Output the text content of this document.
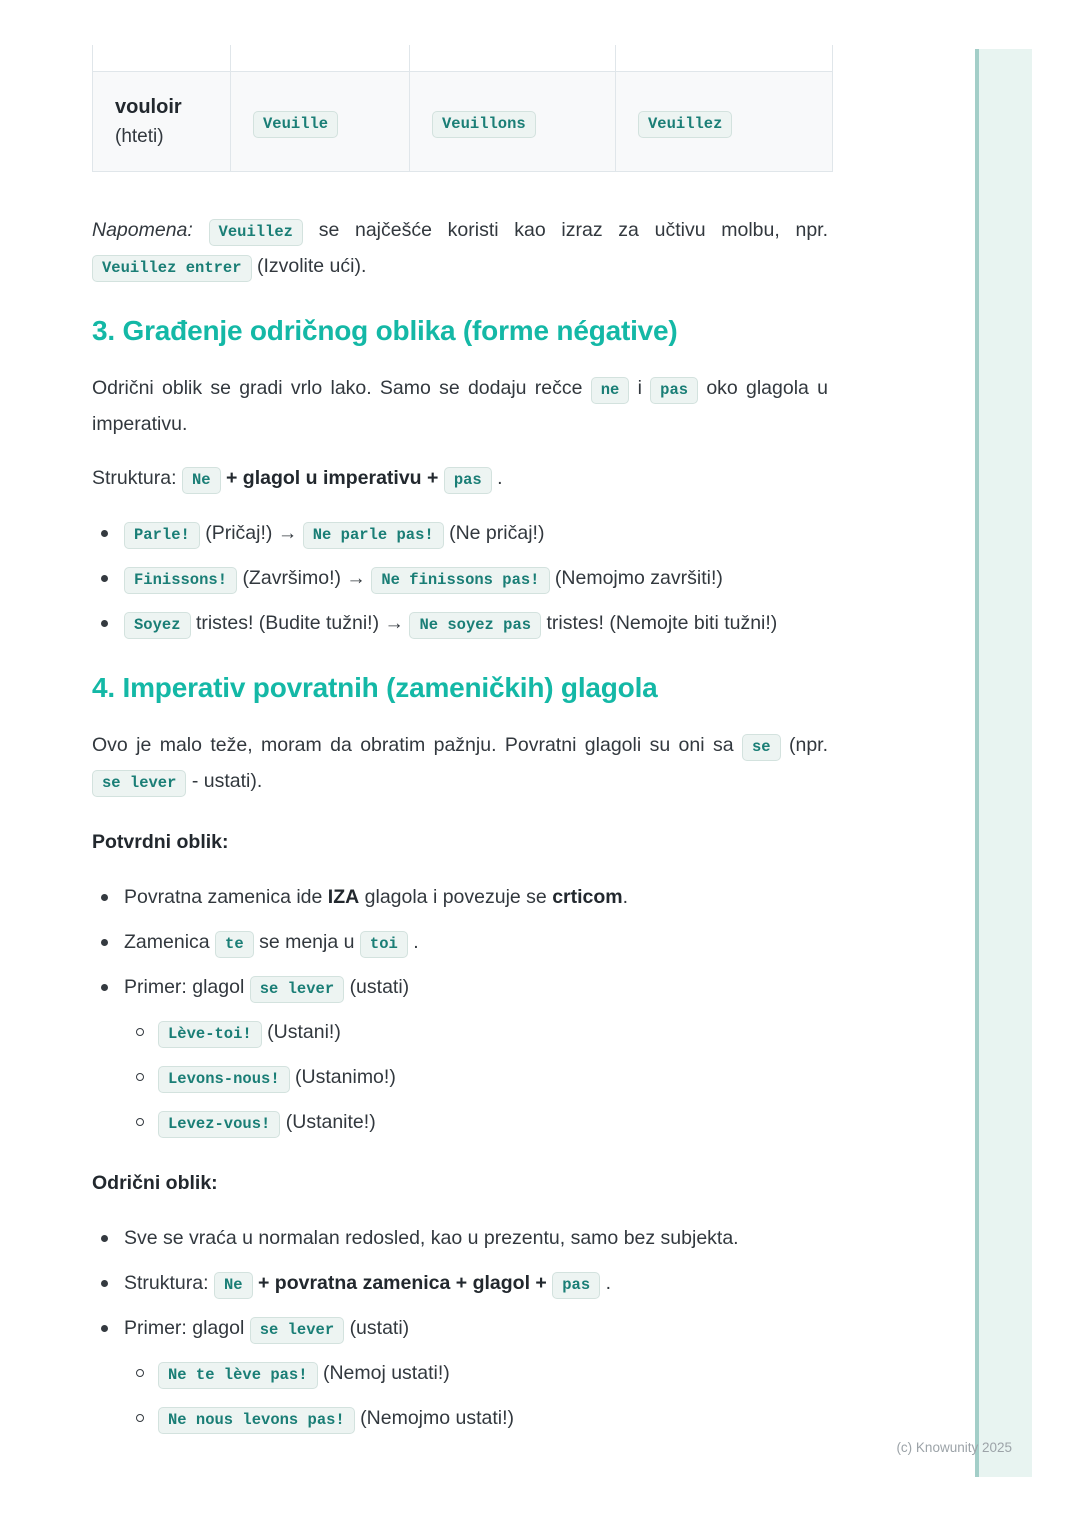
vouloir
(hteti)	Veuille	Veuillons	Veuillez

Napomena: Veuillez se najčešće koristi kao izraz za učtivu molbu, npr. Veuillez entrer (Izvolite ući).

3. Građenje odričnog oblika (forme négative)

Odrični oblik se gradi vrlo lako. Samo se dodaju rečce ne i pas oko glagola u imperativu.

Struktura: Ne + glagol u imperativu + pas .

Parle! (Pričaj!) → Ne parle pas! (Ne pričaj!)
Finissons! (Završimo!) → Ne finissons pas! (Nemojmo završiti!)
Soyez tristes! (Budite tužni!) → Ne soyez pas tristes! (Nemojte biti tužni!)
4. Imperativ povratnih (zameničkih) glagola

Ovo je malo teže, moram da obratim pažnju. Povratni glagoli su oni sa se (npr. se lever - ustati).

Potvrdni oblik:

Povratna zamenica ide IZA glagola i povezuje se crticom.
Zamenica te se menja u toi .
Primer: glagol se lever (ustati)
Lève-toi! (Ustani!)
Levons-nous! (Ustanimo!)
Levez-vous! (Ustanite!)

Odrični oblik:

Sve se vraća u normalan redosled, kao u prezentu, samo bez subjekta.
Struktura: Ne + povratna zamenica + glagol + pas .
Primer: glagol se lever (ustati)
Ne te lève pas! (Nemoj ustati!)
Ne nous levons pas! (Nemojmo ustati!)
(c) Knowunity 2025
